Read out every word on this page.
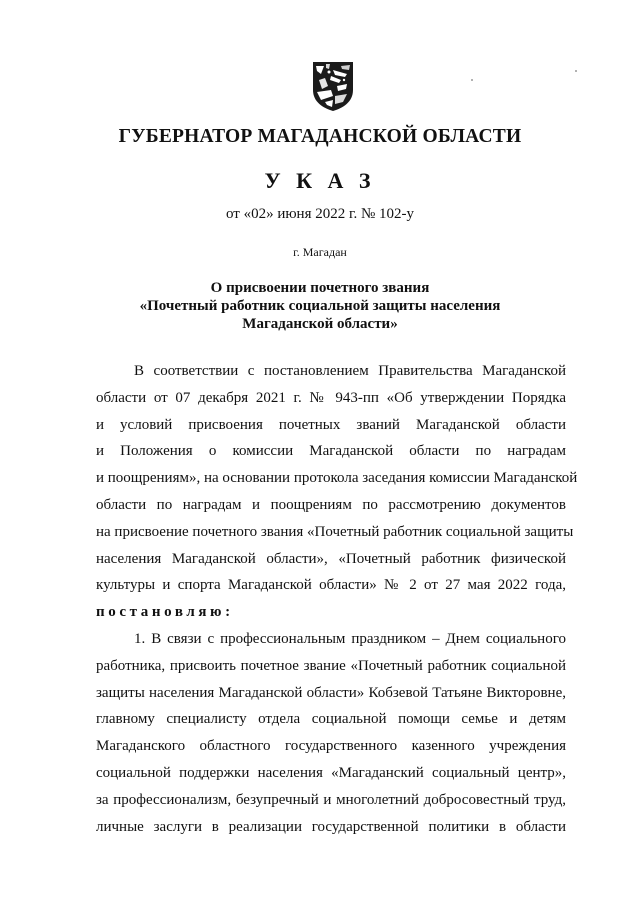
ГУБЕРНАТОР МАГАДАНСКОЙ ОБЛАСТИ
У К А З
от «02» июня 2022 г. № 102-у
г. Магадан
О присвоении почетного звания
«Почетный работник социальной защиты населения
Магаданской области»
В соответствии с постановлением Правительства Магаданской
области от 07 декабря 2021 г. № 943-пп «Об утверждении Порядка
и условий присвоения почетных званий Магаданской области
и Положения о комиссии Магаданской области по наградам
и поощрениям», на основании протокола заседания комиссии Магаданской
области по наградам и поощрениям по рассмотрению документов
на присвоение почетного звания «Почетный работник социальной защиты
населения Магаданской области», «Почетный работник физической
культуры и спорта Магаданской области» № 2 от 27 мая 2022 года,
постановляю:
1. В связи с профессиональным праздником – Днем социального
работника, присвоить почетное звание «Почетный работник социальной
защиты населения Магаданской области» Кобзевой Татьяне Викторовне,
главному специалисту отдела социальной помощи семье и детям
Магаданского областного государственного казенного учреждения
социальной поддержки населения «Магаданский социальный центр»,
за профессионализм, безупречный и многолетний добросовестный труд,
личные заслуги в реализации государственной политики в области
